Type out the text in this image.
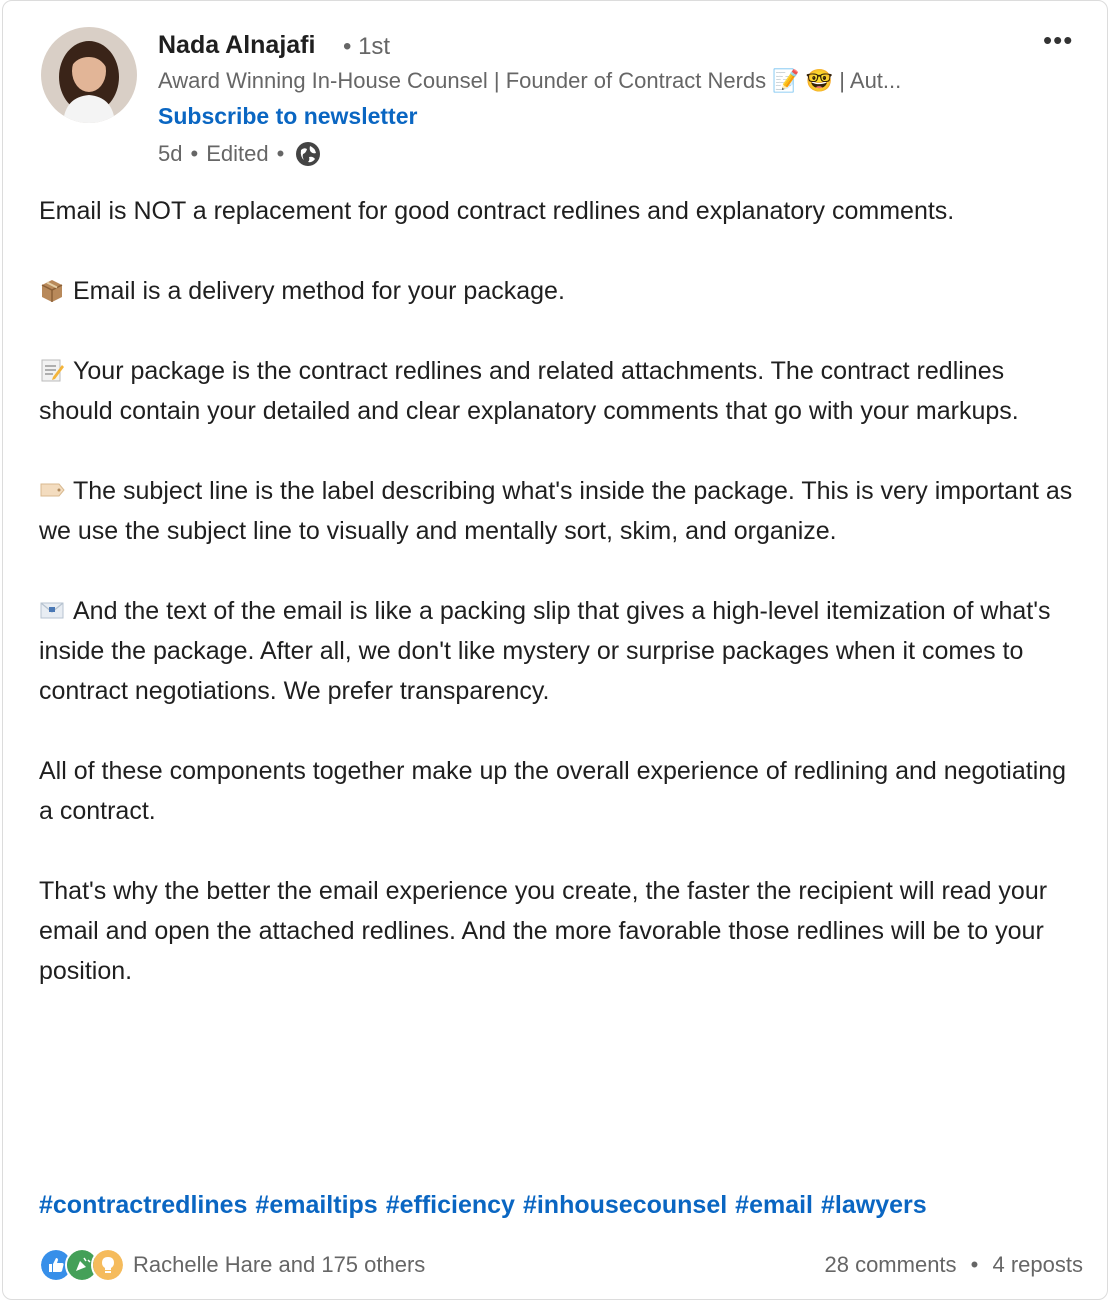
Nada Alnajafi • 1st
Award Winning In-House Counsel | Founder of Contract Nerds 📝 🤓 | Aut...
Subscribe to newsletter
5d • Edited •
•••

Email is NOT a replacement for good contract redlines and explanatory comments.

Email is a delivery method for your package.

Your package is the contract redlines and related attachments. The contract redlines should contain your detailed and clear explanatory comments that go with your markups.

The subject line is the label describing what's inside the package. This is very important as we use the subject line to visually and mentally sort, skim, and organize.

And the text of the email is like a packing slip that gives a high-level itemization of what's inside the package. After all, we don't like mystery or surprise packages when it comes to contract negotiations. We prefer transparency.

All of these components together make up the overall experience of redlining and negotiating a contract.

That's why the better the email experience you create, the faster the recipient will read your email and open the attached redlines. And the more favorable those redlines will be to your position.

#contractredlines #emailtips #efficiency #inhousecounsel #email #lawyers
Rachelle Hare and 175 others	28 comments • 4 reposts
